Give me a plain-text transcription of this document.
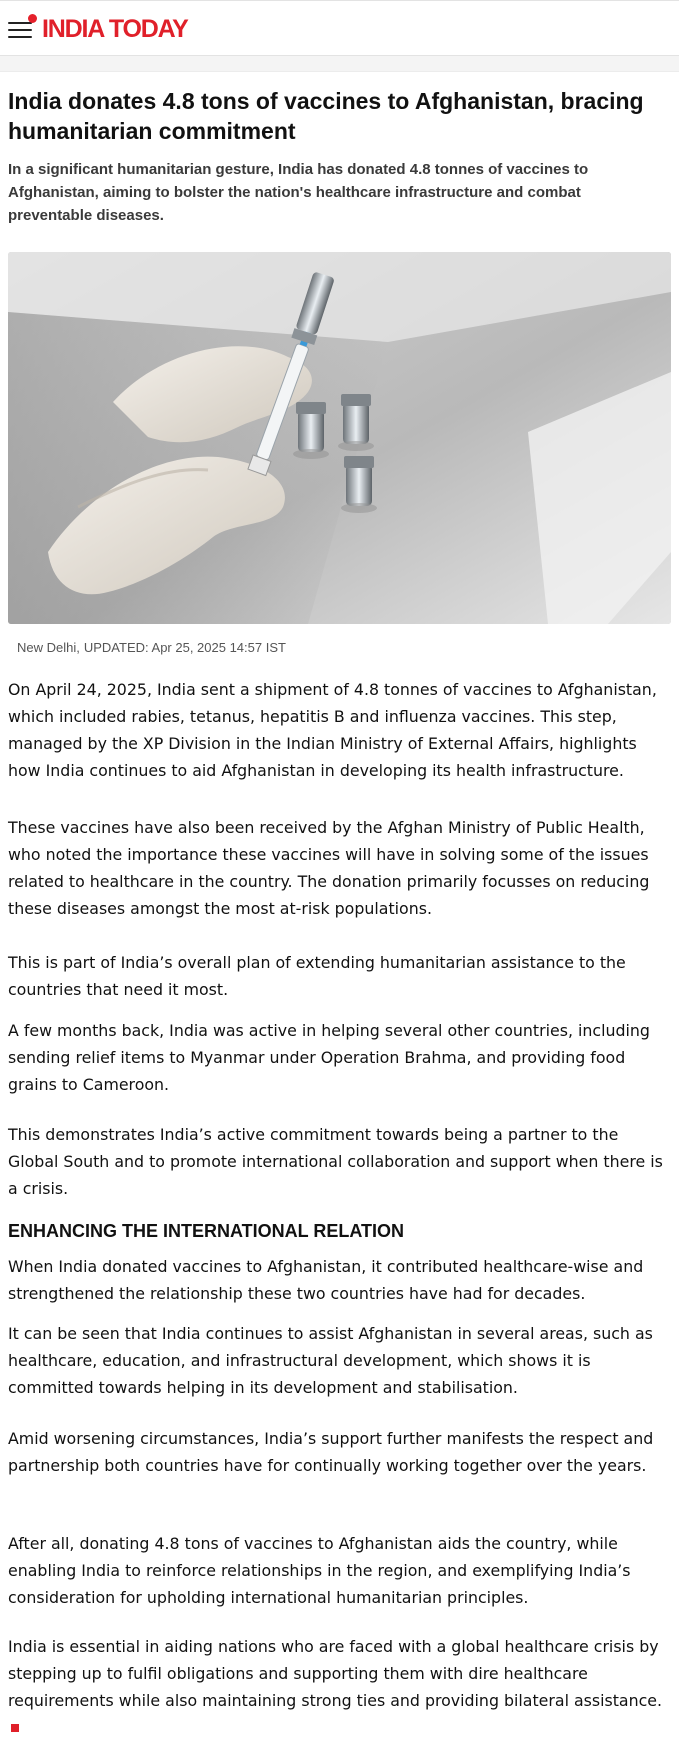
INDIA TODAY
India donates 4.8 tons of vaccines to Afghanistan, bracing humanitarian commitment

In a significant humanitarian gesture, India has donated 4.8 tonnes of vaccines to Afghanistan, aiming to bolster the nation's healthcare infrastructure and combat preventable diseases.

New Delhi, UPDATED: Apr 25, 2025 14:57 IST

On April 24, 2025, India sent a shipment of 4.8 tonnes of vaccines to Afghanistan, which included rabies, tetanus, hepatitis B and influenza vaccines. This step, managed by the XP Division in the Indian Ministry of External Affairs, highlights how India continues to aid Afghanistan in developing its health infrastructure.

These vaccines have also been received by the Afghan Ministry of Public Health, who noted the importance these vaccines will have in solving some of the issues related to healthcare in the country. The donation primarily focusses on reducing these diseases amongst the most at-risk populations.

This is part of India’s overall plan of extending humanitarian assistance to the countries that need it most.

A few months back, India was active in helping several other countries, including sending relief items to Myanmar under Operation Brahma, and providing food grains to Cameroon.

This demonstrates India’s active commitment towards being a partner to the Global South and to promote international collaboration and support when there is a crisis.

ENHANCING THE INTERNATIONAL RELATION

When India donated vaccines to Afghanistan, it contributed healthcare-wise and strengthened the relationship these two countries have had for decades.

It can be seen that India continues to assist Afghanistan in several areas, such as healthcare, education, and infrastructural development, which shows it is committed towards helping in its development and stabilisation.

Amid worsening circumstances, India’s support further manifests the respect and partnership both countries have for continually working together over the years.

After all, donating 4.8 tons of vaccines to Afghanistan aids the country, while enabling India to reinforce relationships in the region, and exemplifying India’s consideration for upholding international humanitarian principles.

India is essential in aiding nations who are faced with a global healthcare crisis by stepping up to fulfil obligations and supporting them with dire healthcare requirements while also maintaining strong ties and providing bilateral assistance.
